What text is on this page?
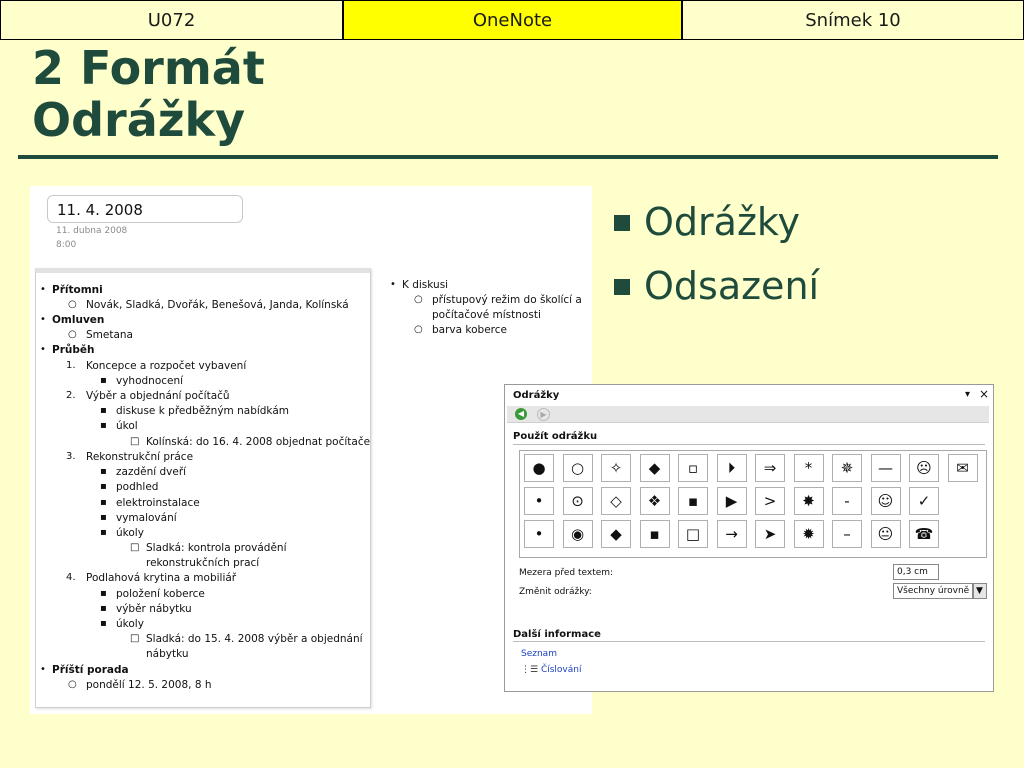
U072	OneNote	Snímek 10
2 Formát
Odrážky
11. 4. 2008
11. dubna 2008
8:00
Přítomni
•
Novák, Sladká, Dvořák, Benešová, Janda, Kolínská
○
Omluven
•
Smetana
○
Průběh
•
Koncepce a rozpočet vybavení
1.
vyhodnocení
▪
Výběr a objednání počítačů
2.
diskuse k předběžným nabídkám
▪
úkol
▪
Kolínská: do 16. 4. 2008 objednat počítače
□
Rekonstrukční práce
3.
zazdění dveří
▪
podhled
▪
elektroinstalace
▪
vymalování
▪
úkoly
▪
Sladká: kontrola provádění
□
rekonstrukčních prací
Podlahová krytina a mobiliář
4.
položení koberce
▪
výběr nábytku
▪
úkoly
▪
Sladká: do 15. 4. 2008 výběr a objednání
□
nábytku
Příští porada
•
pondělí 12. 5. 2008, 8 h
○
K diskusi
•
přístupový režim do školící a
○
počítačové místnosti
barva koberce
○
Odrážky
Odsazení
Odrážky	▾ ×
◀	▶
Použít odrážku
●	○	✧	◆	▫	⏵	⇒	*	✵	—	☹	✉
•	⊙	◇	❖	▪	▶	>	✸	-	☺	✓
•	◉	◆	▪	□	→	➤	✹	–	😐	☎
Mezera před textem:	0,3 cm
Změnit odrážky:	Všechny úrovně ▼
Další informace
Seznam
⋮☰ Číslování
